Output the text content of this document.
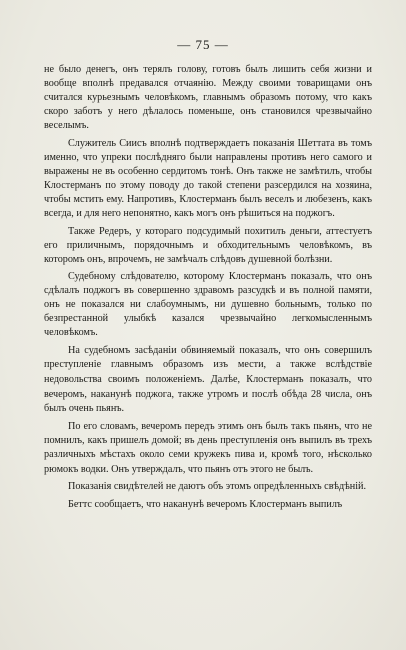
— 75 —

не было денегъ, онъ терялъ голову, готовъ былъ лишить себя жизни и вообще вполнѣ предавался отчаянію. Между своими товарищами онъ считался курьезнымъ человѣкомъ, главнымъ образомъ потому, что какъ скоро заботъ у него дѣлалось поменьше, онъ становился чрезвычайно веселымъ.

Служитель Сиисъ вполнѣ подтверждаетъ показанія Шеттата въ томъ именно, что упреки послѣдняго были направлены противъ него самого и выражены не въ особенно сердитомъ тонѣ. Онъ также не замѣтилъ, чтобы Клостерманъ по этому поводу до такой степени разсердился на хозяина, чтобы мстить ему. Напротивъ, Клостерманъ былъ веселъ и любезенъ, какъ всегда, и для него непонятно, какъ могъ онъ рѣшиться на поджогъ.

Также Редеръ, у котораго подсудимый похитилъ деньги, аттестуетъ его приличнымъ, порядочнымъ и обходительнымъ человѣкомъ, въ которомъ онъ, впрочемъ, не замѣчалъ слѣдовъ душевной болѣзни.

Судебному слѣдователю, которому Клостерманъ показалъ, что онъ сдѣлалъ поджогъ въ совершенно здравомъ разсудкѣ и въ полной памяти, онъ не показался ни слабоумнымъ, ни душевно больнымъ, только по безпрестанной улыбкѣ казался чрезвычайно легкомысленнымъ человѣкомъ.

На судебномъ засѣданіи обвиняемый показалъ, что онъ совершилъ преступленіе главнымъ образомъ изъ мести, а также вслѣдствіе недовольства своимъ положеніемъ. Далѣе, Клостерманъ показалъ, что вечеромъ, наканунѣ поджога, также утромъ и послѣ обѣда 28 числа, онъ былъ очень пьянъ.

По его словамъ, вечеромъ передъ этимъ онъ былъ такъ пьянъ, что не помнилъ, какъ пришелъ домой; въ день преступленія онъ выпилъ въ трехъ различныхъ мѣстахъ около семи кружекъ пива и, кромѣ того, нѣсколько рюмокъ водки. Онъ утверждалъ, что пьянъ отъ этого не былъ.

Показанія свидѣтелей не даютъ объ этомъ опредѣленныхъ свѣдѣній.

Беттс сообщаетъ, что наканунѣ вечеромъ Клостерманъ выпилъ
